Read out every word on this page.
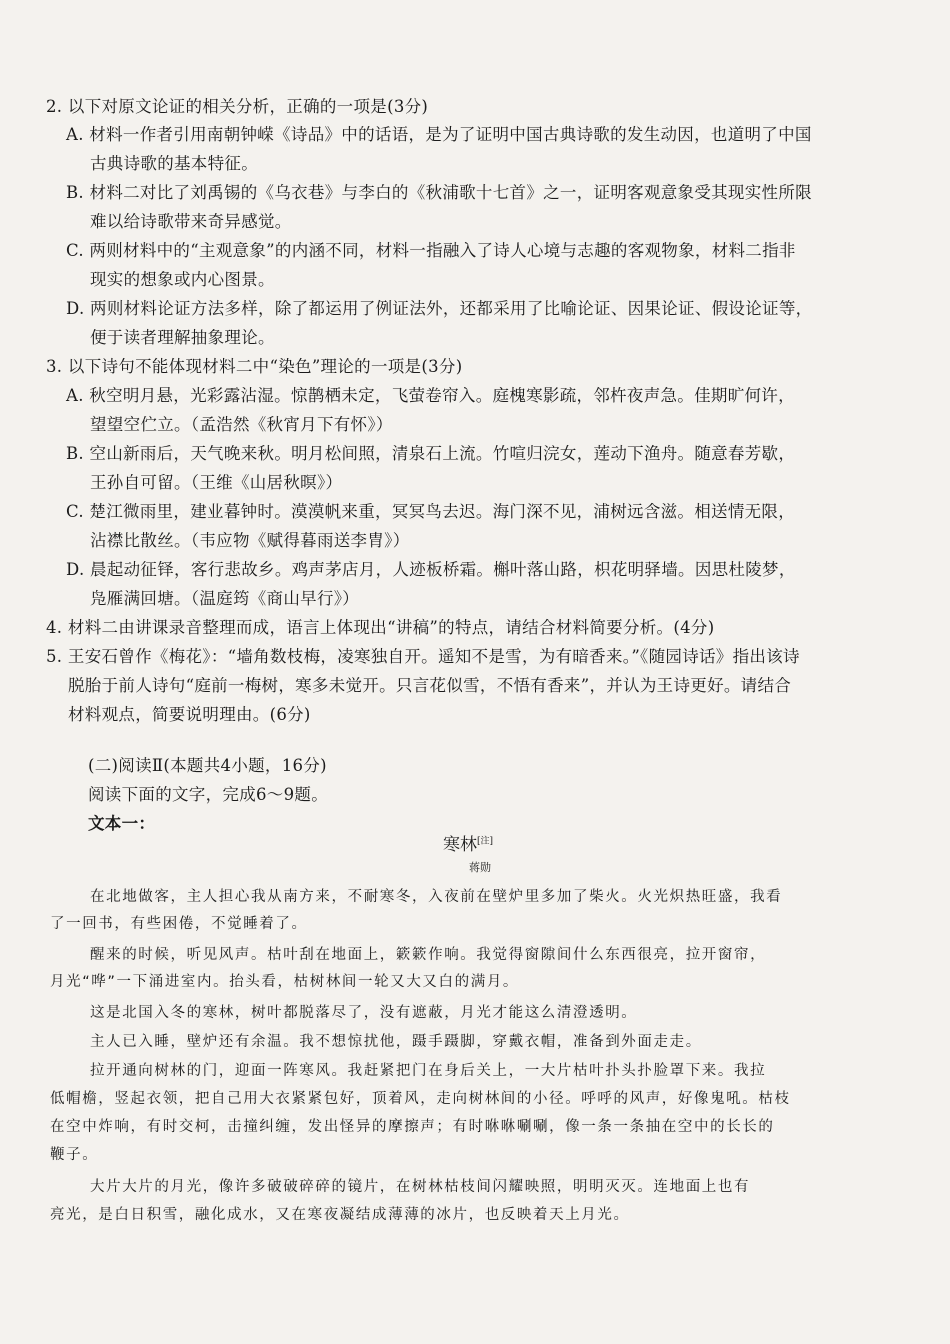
2. 以下对原文论证的相关分析，正确的一项是(3分)
A. 材料一作者引用南朝钟嵘《诗品》中的话语，是为了证明中国古典诗歌的发生动因，也道明了中国
古典诗歌的基本特征。
B. 材料二对比了刘禹锡的《乌衣巷》与李白的《秋浦歌十七首》之一，证明客观意象受其现实性所限
难以给诗歌带来奇异感觉。
C. 两则材料中的“主观意象”的内涵不同，材料一指融入了诗人心境与志趣的客观物象，材料二指非
现实的想象或内心图景。
D. 两则材料论证方法多样，除了都运用了例证法外，还都采用了比喻论证、因果论证、假设论证等，
便于读者理解抽象理论。
3. 以下诗句不能体现材料二中“染色”理论的一项是(3分)
A. 秋空明月悬，光彩露沾湿。惊鹊栖未定，飞萤卷帘入。庭槐寒影疏，邻杵夜声急。佳期旷何许，
望望空伫立。（孟浩然《秋宵月下有怀》）
B. 空山新雨后，天气晚来秋。明月松间照，清泉石上流。竹喧归浣女，莲动下渔舟。随意春芳歇，
王孙自可留。（王维《山居秋暝》）
C. 楚江微雨里，建业暮钟时。漠漠帆来重，冥冥鸟去迟。海门深不见，浦树远含滋。相送情无限，
沾襟比散丝。（韦应物《赋得暮雨送李胄》）
D. 晨起动征铎，客行悲故乡。鸡声茅店月，人迹板桥霜。槲叶落山路，枳花明驿墙。因思杜陵梦，
凫雁满回塘。（温庭筠《商山早行》）
4. 材料二由讲课录音整理而成，语言上体现出“讲稿”的特点，请结合材料简要分析。(4分)
5. 王安石曾作《梅花》：“墙角数枝梅，凌寒独自开。遥知不是雪，为有暗香来。”《随园诗话》指出该诗
脱胎于前人诗句“庭前一梅树，寒多未觉开。只言花似雪，不悟有香来”，并认为王诗更好。请结合
材料观点，简要说明理由。(6分)
(二)阅读Ⅱ(本题共4小题，16分)
阅读下面的文字，完成6～9题。
文本一：
寒林[注]
蒋勋
在北地做客，主人担心我从南方来，不耐寒冬，入夜前在壁炉里多加了柴火。火光炽热旺盛，我看
了一回书，有些困倦，不觉睡着了。
醒来的时候，听见风声。枯叶刮在地面上，簌簌作响。我觉得窗隙间什么东西很亮，拉开窗帘，
月光“哗”一下涌进室内。抬头看，枯树林间一轮又大又白的满月。
这是北国入冬的寒林，树叶都脱落尽了，没有遮蔽，月光才能这么清澄透明。
主人已入睡，壁炉还有余温。我不想惊扰他，蹑手蹑脚，穿戴衣帽，准备到外面走走。
拉开通向树林的门，迎面一阵寒风。我赶紧把门在身后关上，一大片枯叶扑头扑脸罩下来。我拉
低帽檐，竖起衣领，把自己用大衣紧紧包好，顶着风，走向树林间的小径。呼呼的风声，好像鬼吼。枯枝
在空中炸响，有时交柯，击撞纠缠，发出怪异的摩擦声；有时咻咻唰唰，像一条一条抽在空中的长长的
鞭子。
大片大片的月光，像许多破破碎碎的镜片，在树林枯枝间闪耀映照，明明灭灭。连地面上也有
亮光，是白日积雪，融化成水，又在寒夜凝结成薄薄的冰片，也反映着天上月光。
